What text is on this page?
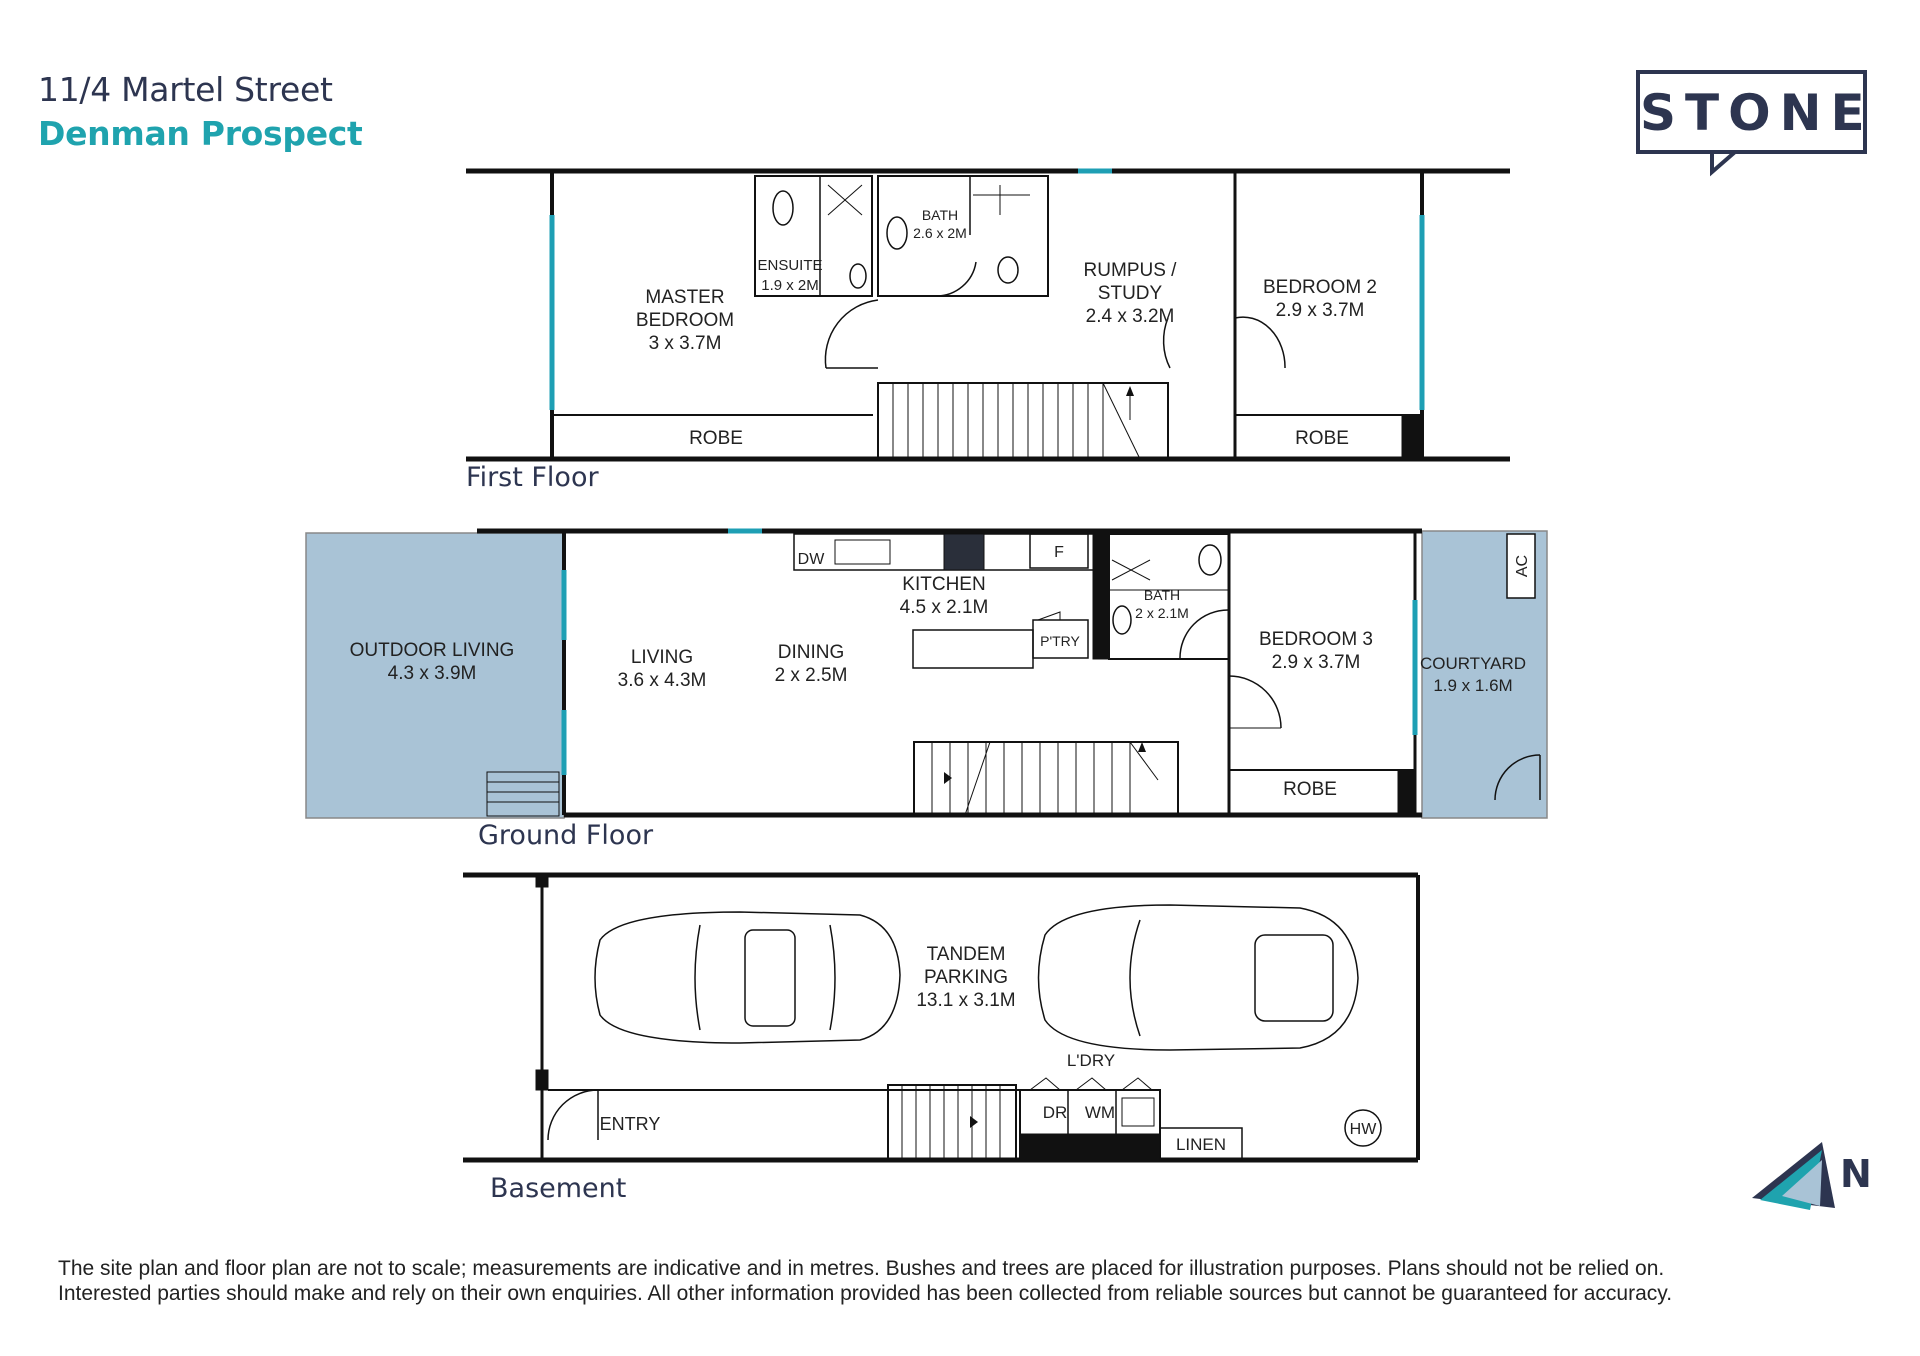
11/4 Martel Street
Denman Prospect	STONE
MASTER
BEDROOM
3 x 3.7M
ENSUITE
1.9 x 2M
BATH
2.6 x 2M
RUMPUS /
STUDY
2.4 x 3.2M
BEDROOM 2
2.9 x 3.7M
ROBE	ROBE
OUTDOOR LIVING
4.3 x 3.9M
LIVING
3.6 x 4.3M
DINING
2 x 2.5M
KITCHEN
4.5 x 2.1M
BATH
2 x 2.1M
BEDROOM 3
2.9 x 3.7M
ROBE
COURTYARD
1.9 x 1.6M
TANDEM
PARKING
13.1 x 3.1M
L'DRY
ENTRY
LINEN
DW	F
P'TRY
DR WM
HW
AC
N
First Floor
Ground Floor
Basement
The site plan and floor plan are not to scale; measurements are indicative and in metres. Bushes and trees are placed for illustration purposes. Plans should not be relied on.
Interested parties should make and rely on their own enquiries. All other information provided has been collected from reliable sources but cannot be guaranteed for accuracy.
